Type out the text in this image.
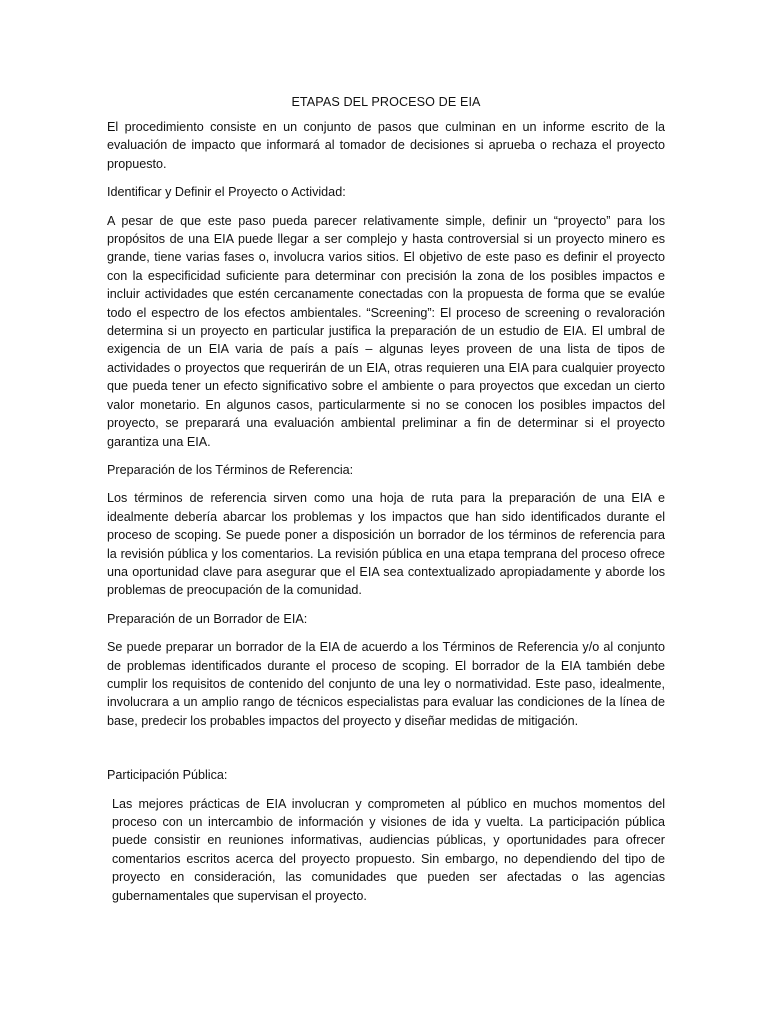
ETAPAS DEL PROCESO DE EIA

El procedimiento consiste en un conjunto de pasos que culminan en un informe escrito de la evaluación de impacto que informará al tomador de decisiones si aprueba o rechaza el proyecto propuesto.

Identificar y Definir el Proyecto o Actividad:

A pesar de que este paso pueda parecer relativamente simple, definir un “proyecto” para los propósitos de una EIA puede llegar a ser complejo y hasta controversial si un proyecto minero es grande, tiene varias fases o, involucra varios sitios. El objetivo de este paso es definir el proyecto con la especificidad suficiente para determinar con precisión la zona de los posibles impactos e incluir actividades que estén cercanamente conectadas con la propuesta de forma que se evalúe todo el espectro de los efectos ambientales. “Screening”: El proceso de screening o revaloración determina si un proyecto en particular justifica la preparación de un estudio de EIA. El umbral de exigencia de un EIA varia de país a país – algunas leyes proveen de una lista de tipos de actividades o proyectos que requerirán de un EIA, otras requieren una EIA para cualquier proyecto que pueda tener un efecto significativo sobre el ambiente o para proyectos que excedan un cierto valor monetario. En algunos casos, particularmente si no se conocen los posibles impactos del proyecto, se preparará una evaluación ambiental preliminar a fin de determinar si el proyecto garantiza una EIA.

Preparación de los Términos de Referencia:

Los términos de referencia sirven como una hoja de ruta para la preparación de una EIA e idealmente debería abarcar los problemas y los impactos que han sido identificados durante el proceso de scoping. Se puede poner a disposición un borrador de los términos de referencia para la revisión pública y los comentarios. La revisión pública en una etapa temprana del proceso ofrece una oportunidad clave para asegurar que el EIA sea contextualizado apropiadamente y aborde los problemas de preocupación de la comunidad.

Preparación de un Borrador de EIA:

Se puede preparar un borrador de la EIA de acuerdo a los Términos de Referencia y/o al conjunto de problemas identificados durante el proceso de scoping. El borrador de la EIA también debe cumplir los requisitos de contenido del conjunto de una ley o normatividad. Este paso, idealmente, involucrara a un amplio rango de técnicos especialistas para evaluar las condiciones de la línea de base, predecir los probables impactos del proyecto y diseñar medidas de mitigación.

Participación Pública:

Las mejores prácticas de EIA involucran y comprometen al público en muchos momentos del proceso con un intercambio de información y visiones de ida y vuelta. La participación pública puede consistir en reuniones informativas, audiencias públicas, y oportunidades para ofrecer comentarios escritos acerca del proyecto propuesto. Sin embargo, no dependiendo del tipo de proyecto en consideración, las comunidades que pueden ser afectadas o las agencias gubernamentales que supervisan el proyecto.
